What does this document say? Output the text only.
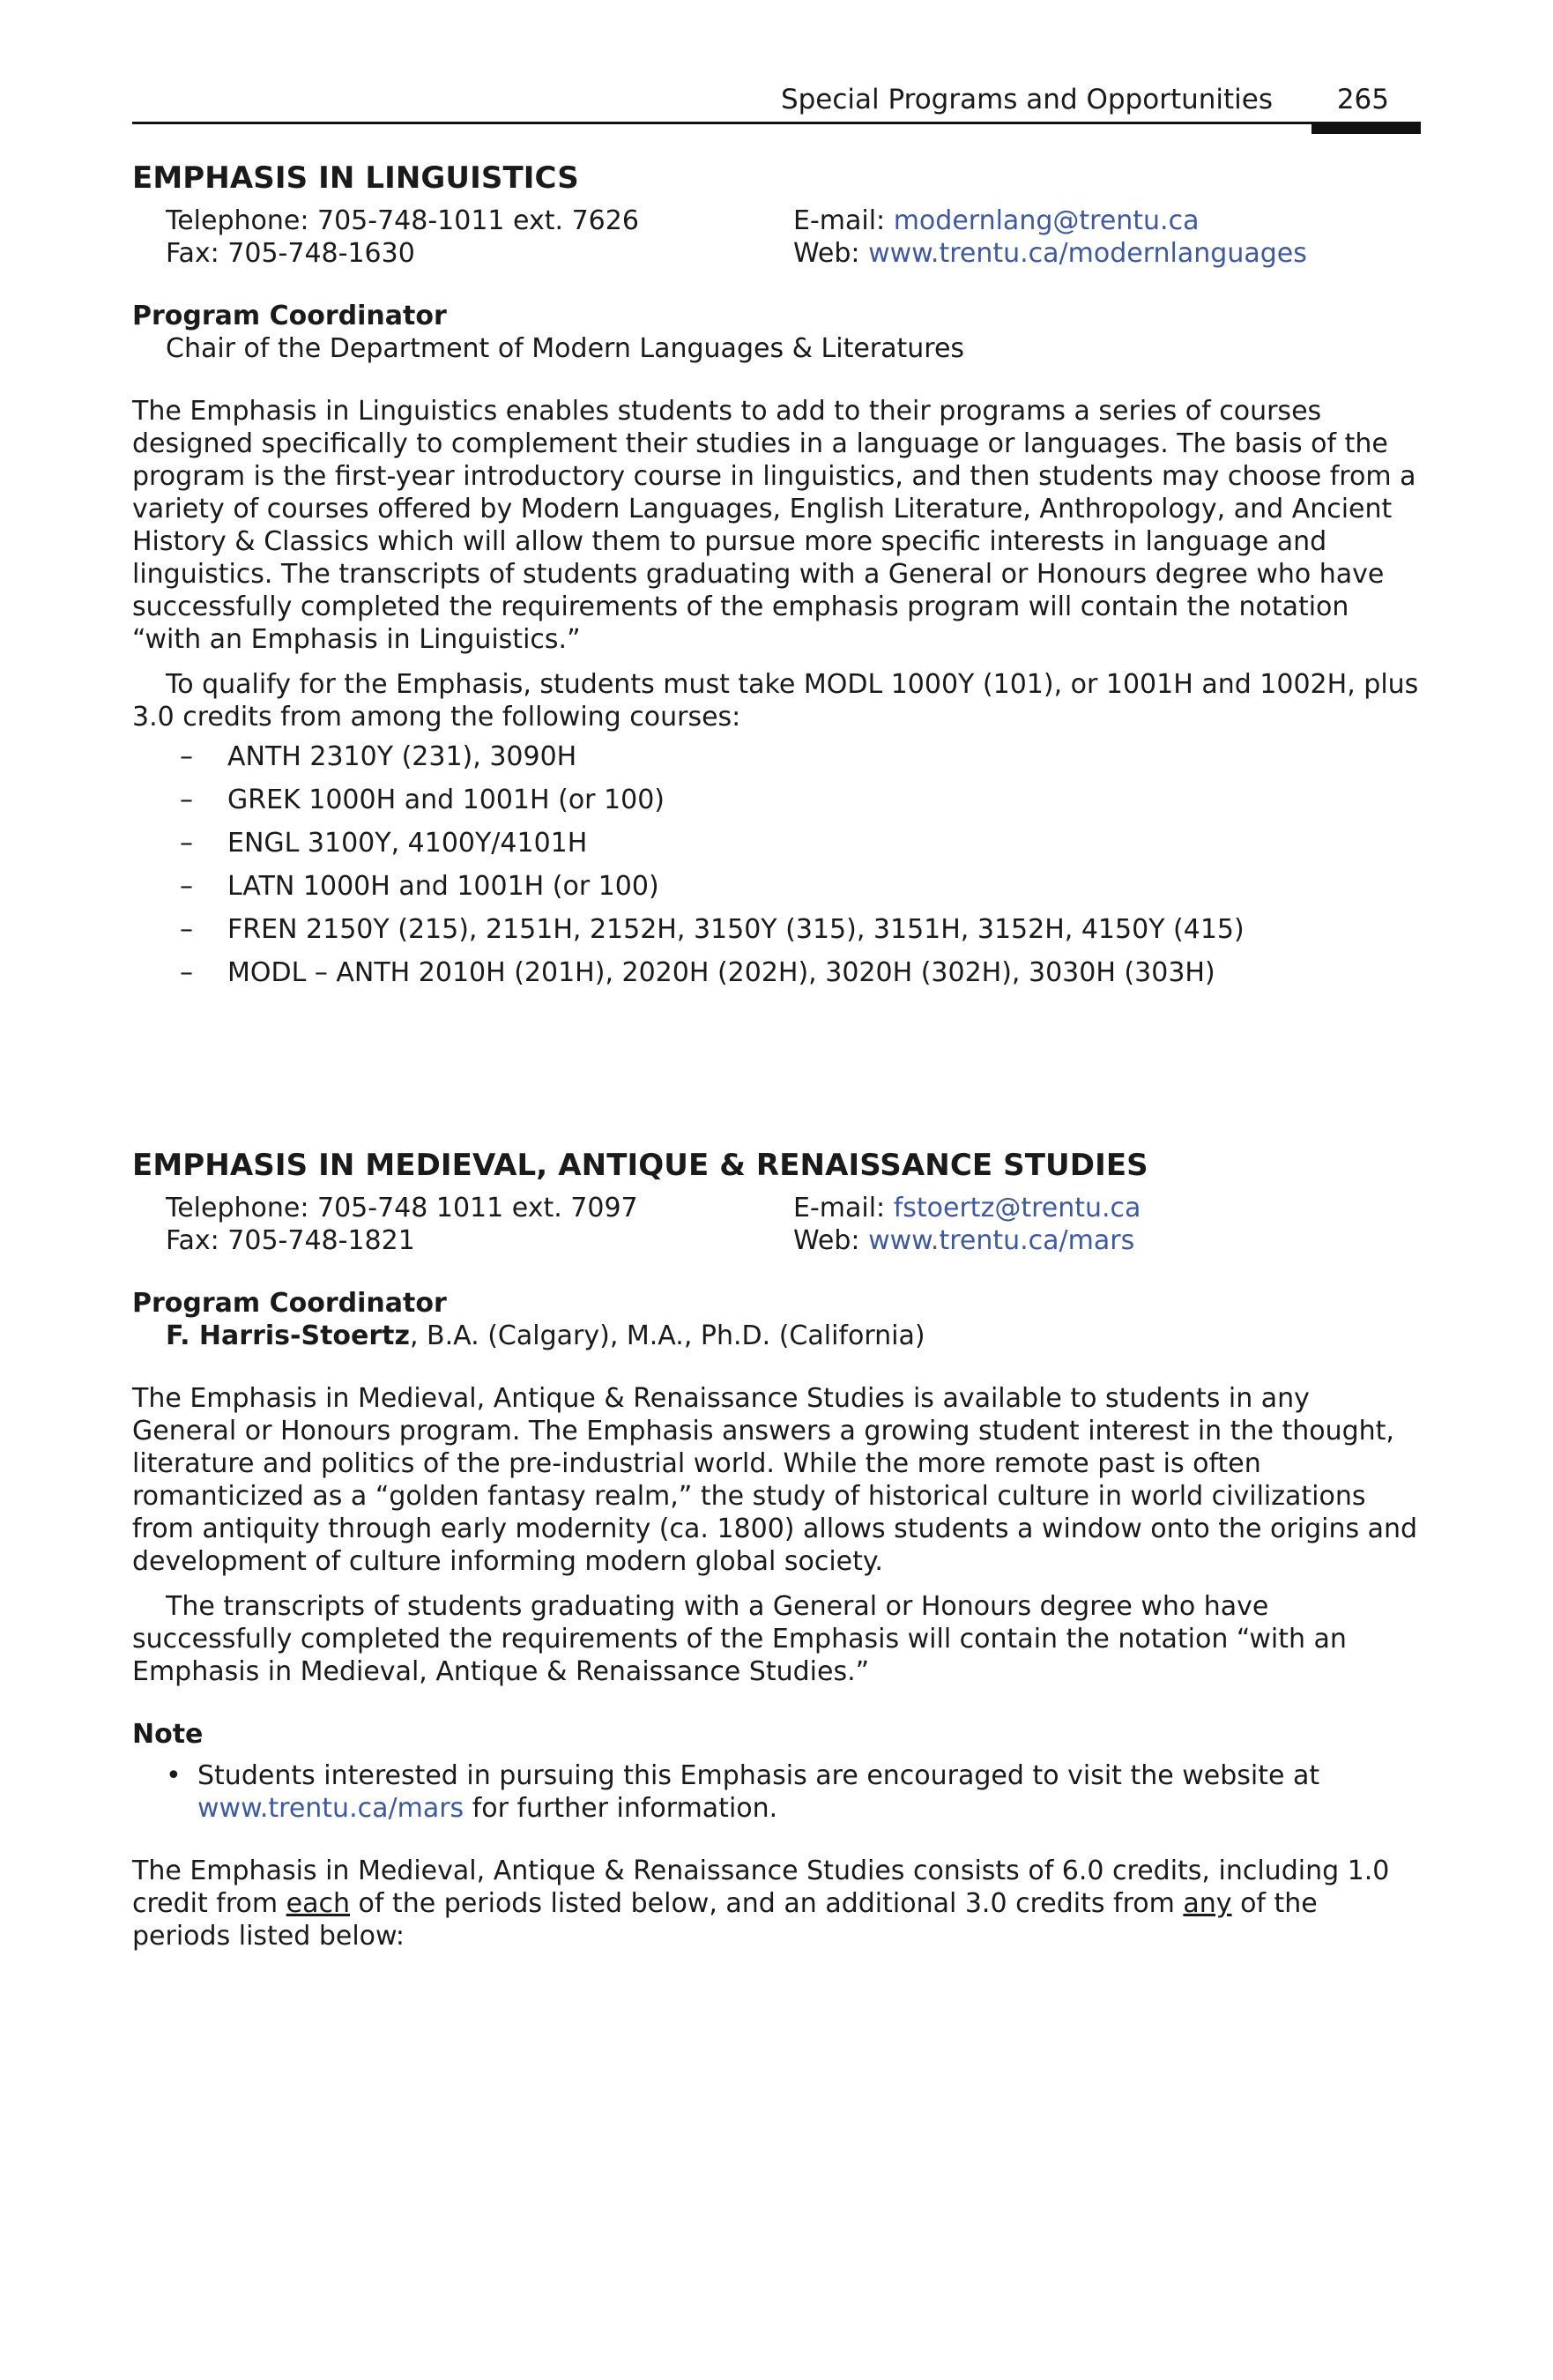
Special Programs and Opportunities 265
EMPHASIS IN LINGUISTICS
Telephone: 705-748-1011 ext. 7626	E-mail: modernlang@trentu.ca
Fax: 705-748-1630	Web: www.trentu.ca/modernlanguages
Program Coordinator
Chair of the Department of Modern Languages & Literatures

The Emphasis in Linguistics enables students to add to their programs a series of courses designed specifically to complement their studies in a language or languages. The basis of the program is the first-year introductory course in linguistics, and then students may choose from a variety of courses offered by Modern Languages, English Literature, Anthropology, and Ancient History & Classics which will allow them to pursue more specific interests in language and linguistics. The transcripts of students graduating with a General or Honours degree who have successfully completed the requirements of the emphasis program will contain the notation “with an Emphasis in Linguistics.”

To qualify for the Emphasis, students must take MODL 1000Y (101), or 1001H and 1002H, plus 3.0 credits from among the following courses:

– ANTH 2310Y (231), 3090H
– GREK 1000H and 1001H (or 100)
– ENGL 3100Y, 4100Y/4101H
– LATN 1000H and 1001H (or 100)
– FREN 2150Y (215), 2151H, 2152H, 3150Y (315), 3151H, 3152H, 4150Y (415)
– MODL – ANTH 2010H (201H), 2020H (202H), 3020H (302H), 3030H (303H)
EMPHASIS IN MEDIEVAL, ANTIQUE & RENAISSANCE STUDIES
Telephone: 705-748 1011 ext. 7097	E-mail: fstoertz@trentu.ca
Fax: 705-748-1821	Web: www.trentu.ca/mars
Program Coordinator
F. Harris-Stoertz, B.A. (Calgary), M.A., Ph.D. (California)

The Emphasis in Medieval, Antique & Renaissance Studies is available to students in any General or Honours program. The Emphasis answers a growing student interest in the thought, literature and politics of the pre-industrial world. While the more remote past is often romanticized as a “golden fantasy realm,” the study of historical culture in world civilizations from antiquity through early modernity (ca. 1800) allows students a window onto the origins and development of culture informing modern global society.

The transcripts of students graduating with a General or Honours degree who have successfully completed the requirements of the Emphasis will contain the notation “with an Emphasis in Medieval, Antique & Renaissance Studies.”

Note
• Students interested in pursuing this Emphasis are encouraged to visit the website at www.trentu.ca/mars for further information.

The Emphasis in Medieval, Antique & Renaissance Studies consists of 6.0 credits, including 1.0 credit from each of the periods listed below, and an additional 3.0 credits from any of the periods listed below:
